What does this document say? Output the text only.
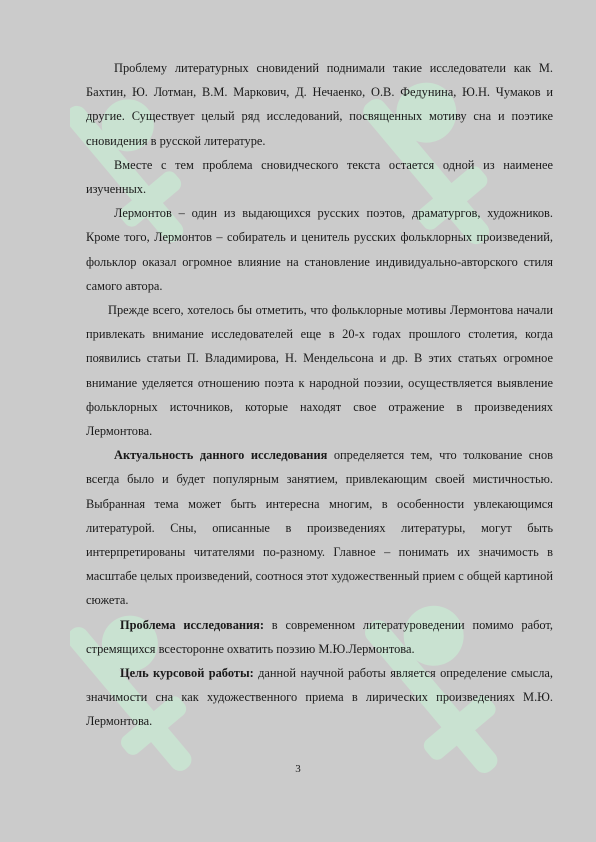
Проблему литературных сновидений поднимали такие исследователи как М. Бахтин, Ю. Лотман, В.М. Маркович, Д. Нечаенко, О.В. Федунина, Ю.Н. Чумаков и другие. Существует целый ряд исследований, посвященных мотиву сна и поэтике сновидения в русской литературе.

Вместе с тем проблема сновидческого текста остается одной из наименее изученных.

Лермонтов – один из выдающихся русских поэтов, драматургов, художников. Кроме того, Лермонтов – собиратель и ценитель русских фольклорных произведений, фольклор оказал огромное влияние на становление индивидуально-авторского стиля самого автора.

Прежде всего, хотелось бы отметить, что фольклорные мотивы Лермонтова начали привлекать внимание исследователей еще в 20-х годах прошлого столетия, когда появились статьи П. Владимирова, Н. Мендельсона и др. В этих статьях огромное внимание уделяется отношению поэта к народной поэзии, осуществляется выявление фольклорных источников, которые находят свое отражение в произведениях Лермонтова.

Актуальность данного исследования определяется тем, что толкование снов всегда было и будет популярным занятием, привлекающим своей мистичностью. Выбранная тема может быть интересна многим, в особенности увлекающимся литературой. Сны, описанные в произведениях литературы, могут быть интерпретированы читателями по-разному. Главное – понимать их значимость в масштабе целых произведений, соотнося этот художественный прием с общей картиной сюжета.

Проблема исследования: в современном литературоведении помимо работ, стремящихся всесторонне охватить поэзию М.Ю.Лермонтова.

Цель курсовой работы: данной научной работы является определение смысла, значимости сна как художественного приема в лирических произведениях М.Ю. Лермонтова.

3
